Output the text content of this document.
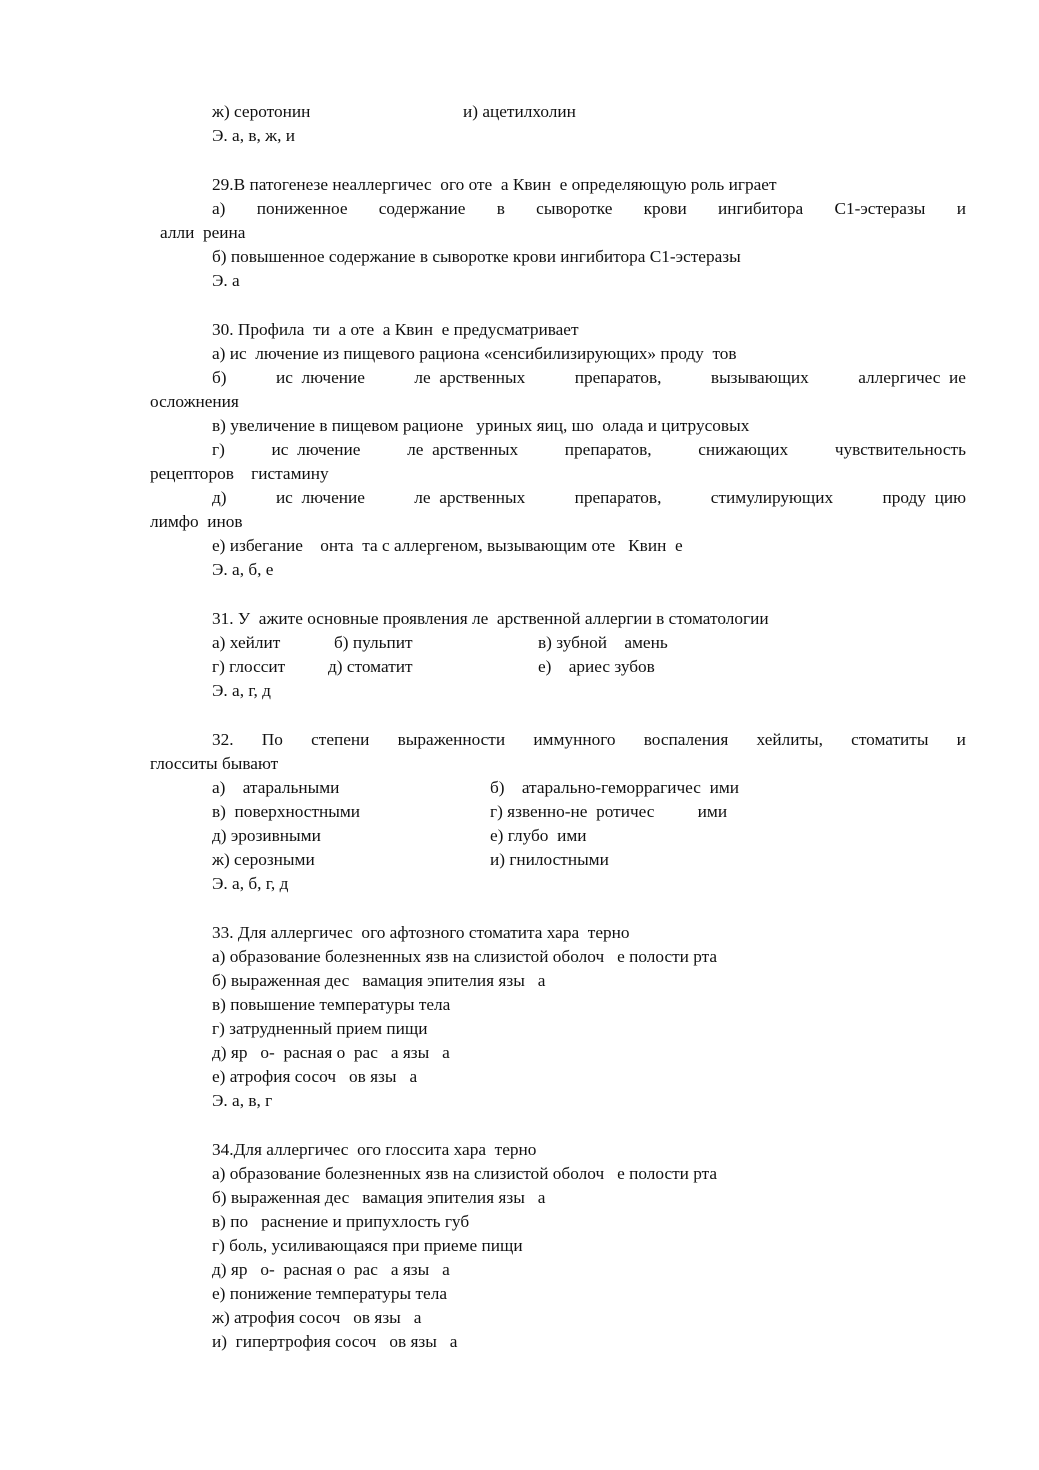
ж) серотонин	и) ацетилхолин
Э. а, в, ж, и
29.В патогенезе неаллергичес  ого оте  а Квин  е определяющую роль играет
а) пониженное содержание в сыворотке крови ингибитора C1-эстеразы и
алли  реина
б) повышенное содержание в сыворотке крови ингибитора С1-эстеразы
Э. а
30. Профила  ти  а оте  а Квин  е предусматривает
а) ис  лючение из пищевого рациона «сенсибилизирующих» проду  тов
б)	ис  лючение	ле  арственных	препаратов,	вызывающих	аллергичес  ие
осложнения
в) увеличение в пищевом рационе   уриных яиц, шо  олада и цитрусовых
г)	ис  лючение	ле  арственных	препаратов,	снижающих	чувствительность
рецепторов    гистамину
д)	ис  лючение	ле  арственных	препаратов,	стимулирующих	проду  цию
лимфо  инов
е) избегание    онта  та с аллергеном, вызывающим оте   Квин  е
Э. а, б, е
31. У  ажите основные проявления ле  арственной аллергии в стоматологии
а) хейлит	б) пульпит	в) зубной    амень
г) глоссит д) стоматит	е)    ариес зубов
Э. а, г, д
32. По степени выраженности иммунного воспаления хейлиты, стоматиты и
глосситы бывают
а)    атаральными	б)    атарально-геморрагичес  ими
в)  поверхностными	г) язвенно-не  ротичес          ими
д) эрозивными	е) глубо  ими
ж) серозными	и) гнилостными
Э. а, б, г, д
33. Для аллергичес  ого афтозного стоматита хара  терно
а) образование болезненных язв на слизистой оболоч   е полости рта
б) выраженная дес   вамация эпителия язы   а
в) повышение температуры тела
г) затрудненный прием пищи
д) яр   о-  расная о  рас   а язы   а
е) атрофия сосоч   ов язы   а
Э. а, в, г
34.Для аллергичес  ого глоссита хара  терно
а) образование болезненных язв на слизистой оболоч   е полости рта
б) выраженная дес   вамация эпителия язы   а
в) по   раснение и припухлость губ
г) боль, усиливающаяся при приеме пищи
д) яр   о-  расная о  рас   а язы   а
е) понижение температуры тела
ж) атрофия сосоч   ов язы   а
и)  гипертрофия сосоч   ов язы   а
